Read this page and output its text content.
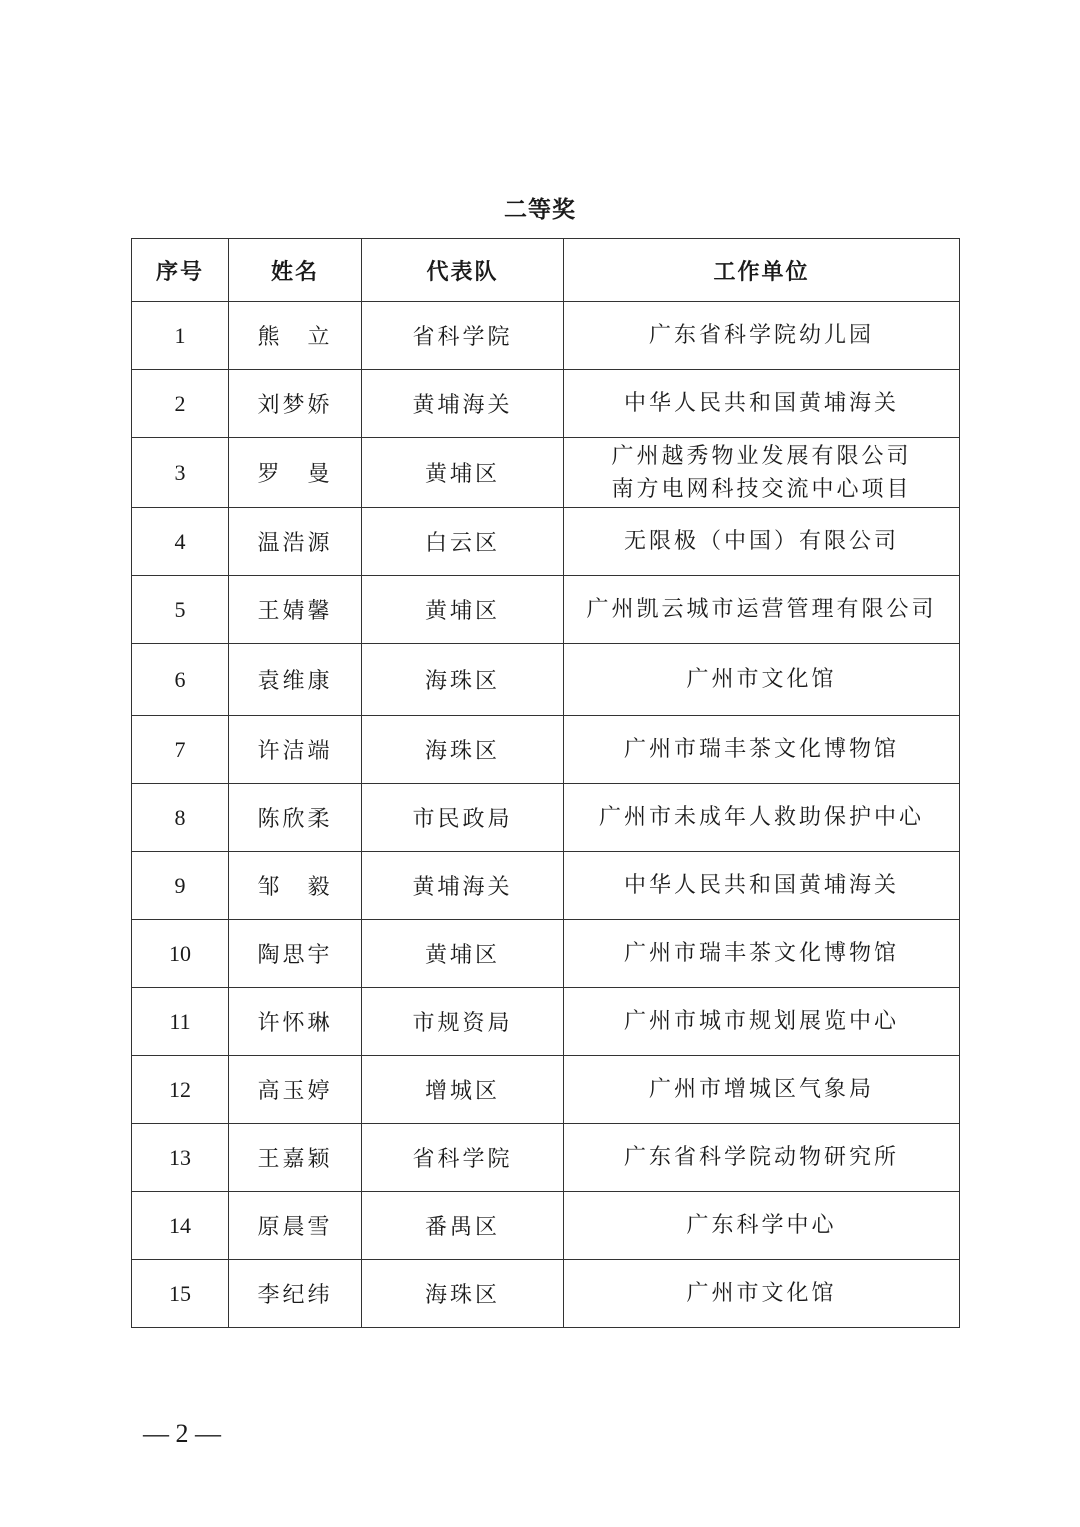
二等奖
序号	姓名	代表队	工作单位
1	熊　立	省科学院	广东省科学院幼儿园

2	刘梦娇	黄埔海关	中华人民共和国黄埔海关

3	罗　曼	黄埔区	广州越秀物业发展有限公司
南方电网科技交流中心项目

4	温浩源	白云区	无限极（中国）有限公司

5	王婧馨	黄埔区	广州凯云城市运营管理有限公司

6	袁维康	海珠区	广州市文化馆

7	许洁端	海珠区	广州市瑞丰茶文化博物馆

8	陈欣柔	市民政局	广州市未成年人救助保护中心

9	邹　毅	黄埔海关	中华人民共和国黄埔海关

10	陶思宇	黄埔区	广州市瑞丰茶文化博物馆

11	许怀琳	市规资局	广州市城市规划展览中心

12	高玉婷	增城区	广州市增城区气象局

13	王嘉颖	省科学院	广东省科学院动物研究所

14	原晨雪	番禺区	广东科学中心

15	李纪纬	海珠区	广州市文化馆
— 2 —
